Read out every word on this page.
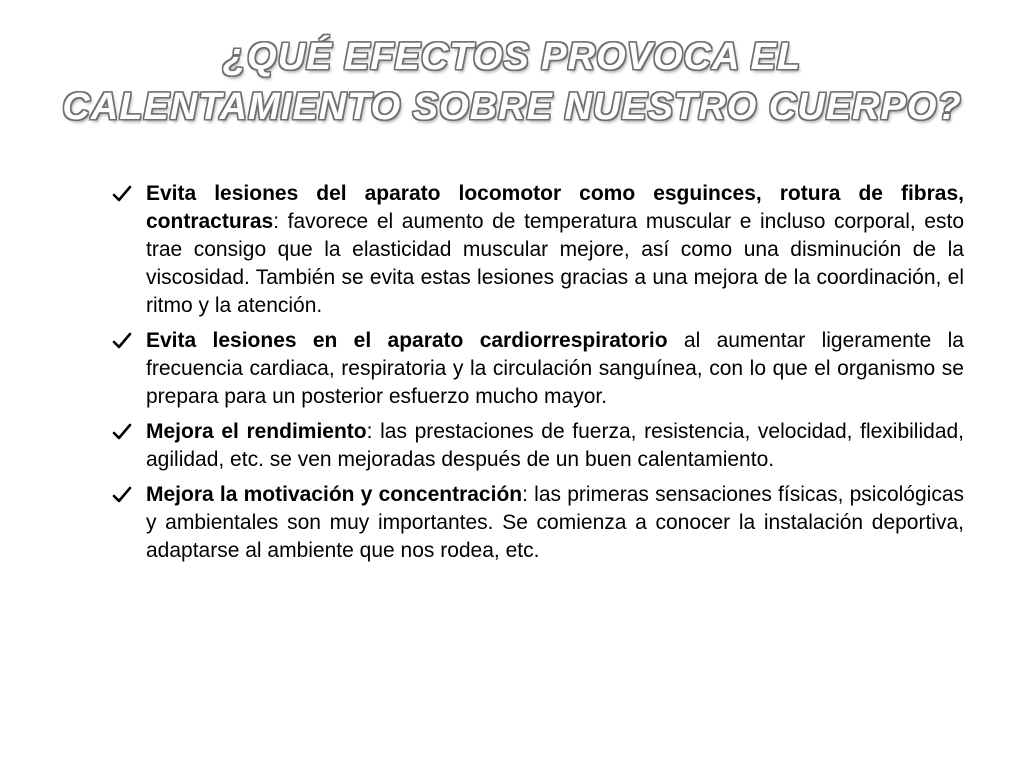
¿QUÉ EFECTOS PROVOCA EL
CALENTAMIENTO SOBRE NUESTRO CUERPO?
Evita lesiones del aparato locomotor como esguinces, rotura de fibras, contracturas: favorece el aumento de temperatura muscular e incluso corporal, esto trae consigo que la elasticidad muscular mejore, así como una disminución de la viscosidad. También se evita estas lesiones gracias a una mejora de la coordinación, el ritmo y la atención.
Evita lesiones en el aparato cardiorrespiratorio al aumentar ligeramente la frecuencia cardiaca, respiratoria y la circulación sanguínea, con lo que el organismo se prepara para un posterior esfuerzo mucho mayor.
Mejora el rendimiento: las prestaciones de fuerza, resistencia, velocidad, flexibilidad, agilidad, etc. se ven mejoradas después de un buen calentamiento.
Mejora la motivación y concentración: las primeras sensaciones físicas, psicológicas y ambientales son muy importantes. Se comienza a conocer la instalación deportiva, adaptarse al ambiente que nos rodea, etc.
